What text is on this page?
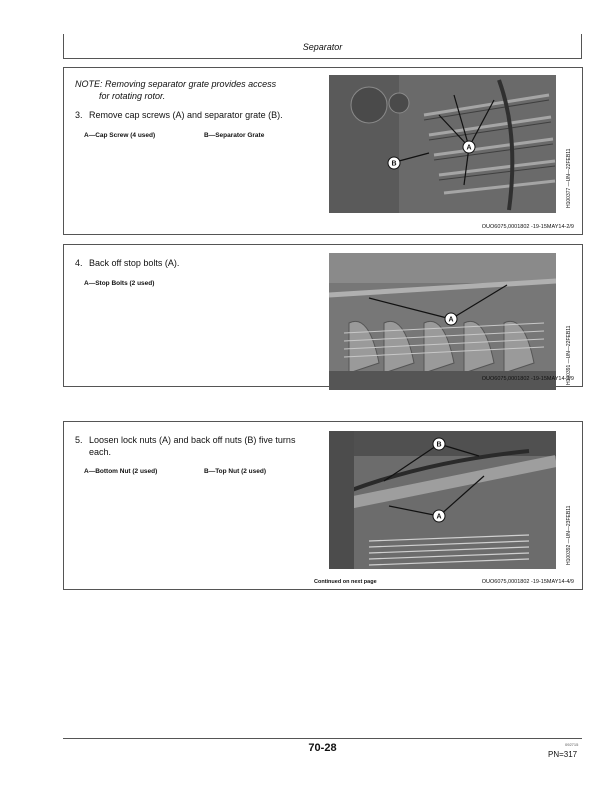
Separator
NOTE: Removing separator grate provides access
for rotating rotor.
3. Remove cap screws (A) and separator grate (B).
A—Cap Screw (4 used)	B—Separator Grate
A
B	H100377 —UN—22FEB11
OUO6075,0001802 -19-15MAY14-2/9
4. Back off stop bolts (A).
A—Stop Bolts (2 used)
A
H100391 —UN—22FEB11
OUO6075,0001802 -19-15MAY14-3/9
5. Loosen lock nuts (A) and back off nuts (B) five turns
each.
A—Bottom Nut (2 used)	B—Top Nut (2 used)
B
A	H100392 —UN—23FEB11
Continued on next page	OUO6075,0001802 -19-15MAY14-4/9
70-28	092715
PN=317
